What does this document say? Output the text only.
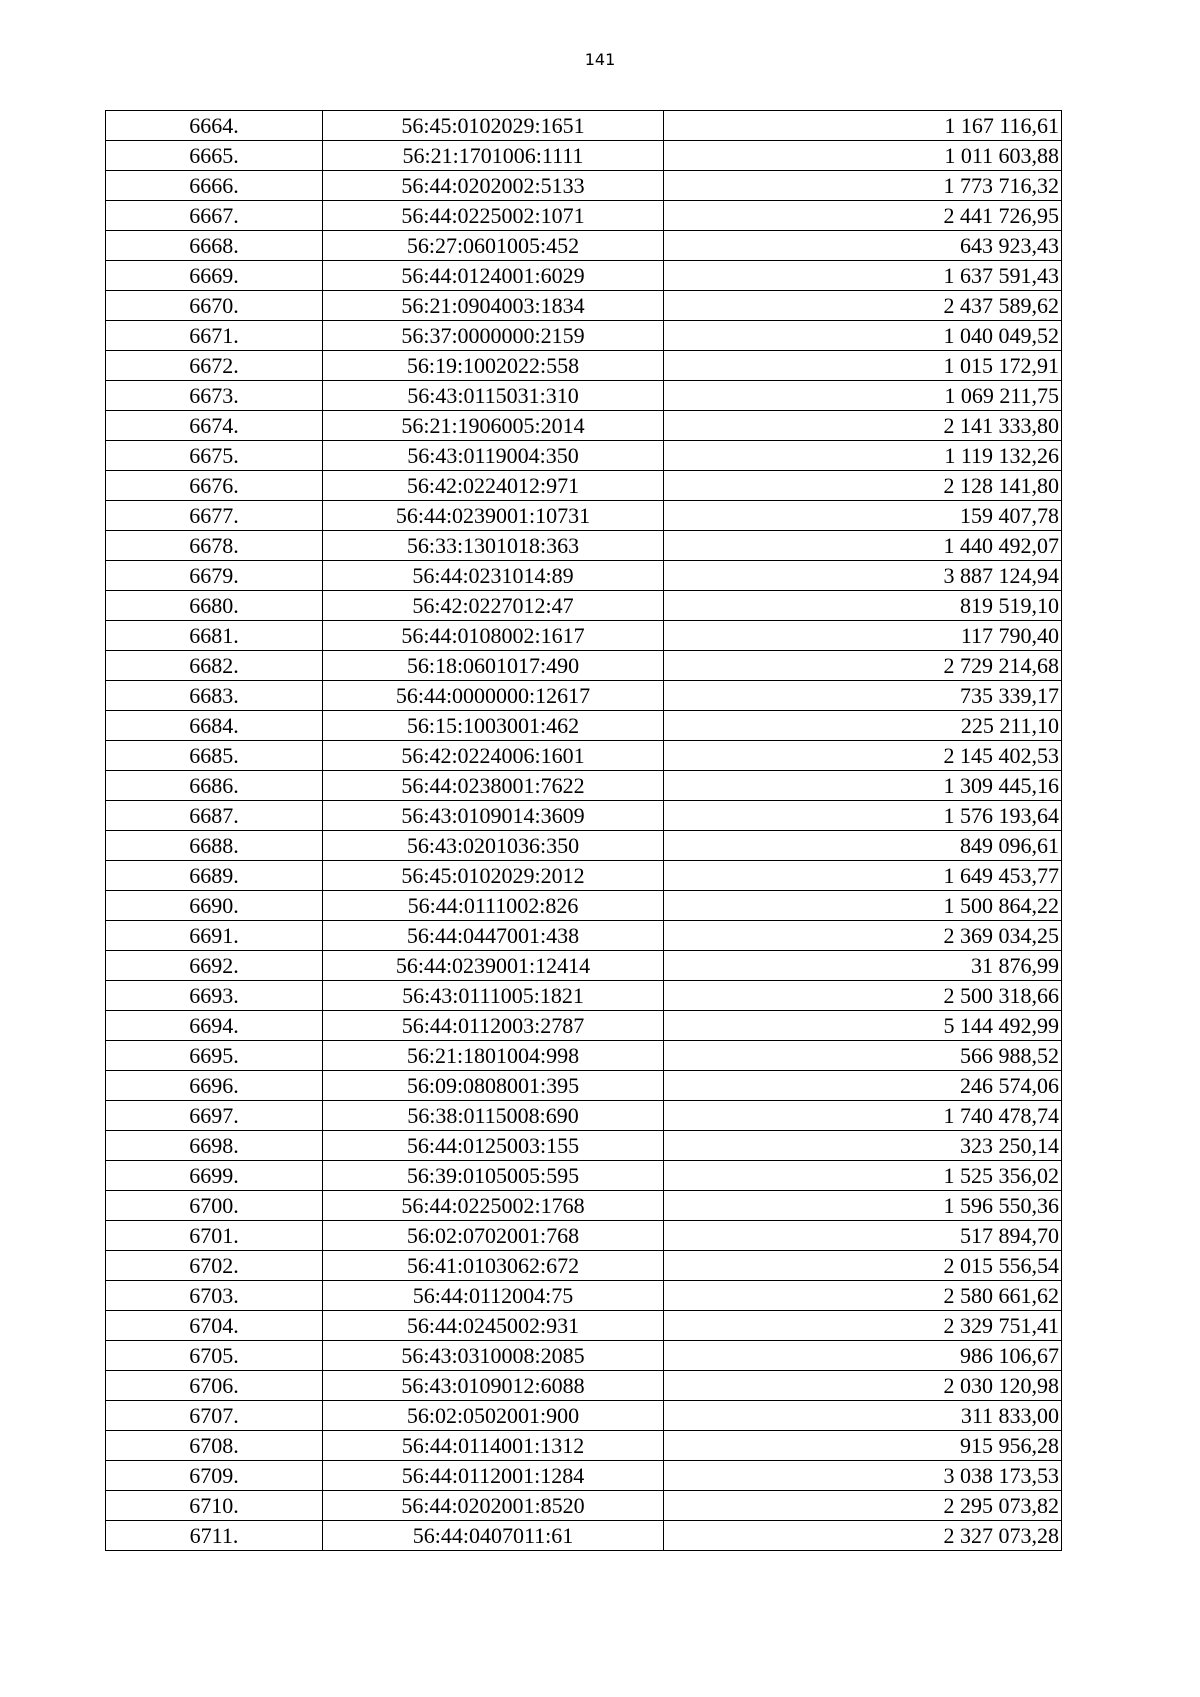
141
6664.	56:45:0102029:1651	1 167 116,61
6665.	56:21:1701006:1111	1 011 603,88
6666.	56:44:0202002:5133	1 773 716,32
6667.	56:44:0225002:1071	2 441 726,95
6668.	56:27:0601005:452	643 923,43
6669.	56:44:0124001:6029	1 637 591,43
6670.	56:21:0904003:1834	2 437 589,62
6671.	56:37:0000000:2159	1 040 049,52
6672.	56:19:1002022:558	1 015 172,91
6673.	56:43:0115031:310	1 069 211,75
6674.	56:21:1906005:2014	2 141 333,80
6675.	56:43:0119004:350	1 119 132,26
6676.	56:42:0224012:971	2 128 141,80
6677.	56:44:0239001:10731	159 407,78
6678.	56:33:1301018:363	1 440 492,07
6679.	56:44:0231014:89	3 887 124,94
6680.	56:42:0227012:47	819 519,10
6681.	56:44:0108002:1617	117 790,40
6682.	56:18:0601017:490	2 729 214,68
6683.	56:44:0000000:12617	735 339,17
6684.	56:15:1003001:462	225 211,10
6685.	56:42:0224006:1601	2 145 402,53
6686.	56:44:0238001:7622	1 309 445,16
6687.	56:43:0109014:3609	1 576 193,64
6688.	56:43:0201036:350	849 096,61
6689.	56:45:0102029:2012	1 649 453,77
6690.	56:44:0111002:826	1 500 864,22
6691.	56:44:0447001:438	2 369 034,25
6692.	56:44:0239001:12414	31 876,99
6693.	56:43:0111005:1821	2 500 318,66
6694.	56:44:0112003:2787	5 144 492,99
6695.	56:21:1801004:998	566 988,52
6696.	56:09:0808001:395	246 574,06
6697.	56:38:0115008:690	1 740 478,74
6698.	56:44:0125003:155	323 250,14
6699.	56:39:0105005:595	1 525 356,02
6700.	56:44:0225002:1768	1 596 550,36
6701.	56:02:0702001:768	517 894,70
6702.	56:41:0103062:672	2 015 556,54
6703.	56:44:0112004:75	2 580 661,62
6704.	56:44:0245002:931	2 329 751,41
6705.	56:43:0310008:2085	986 106,67
6706.	56:43:0109012:6088	2 030 120,98
6707.	56:02:0502001:900	311 833,00
6708.	56:44:0114001:1312	915 956,28
6709.	56:44:0112001:1284	3 038 173,53
6710.	56:44:0202001:8520	2 295 073,82
6711.	56:44:0407011:61	2 327 073,28
